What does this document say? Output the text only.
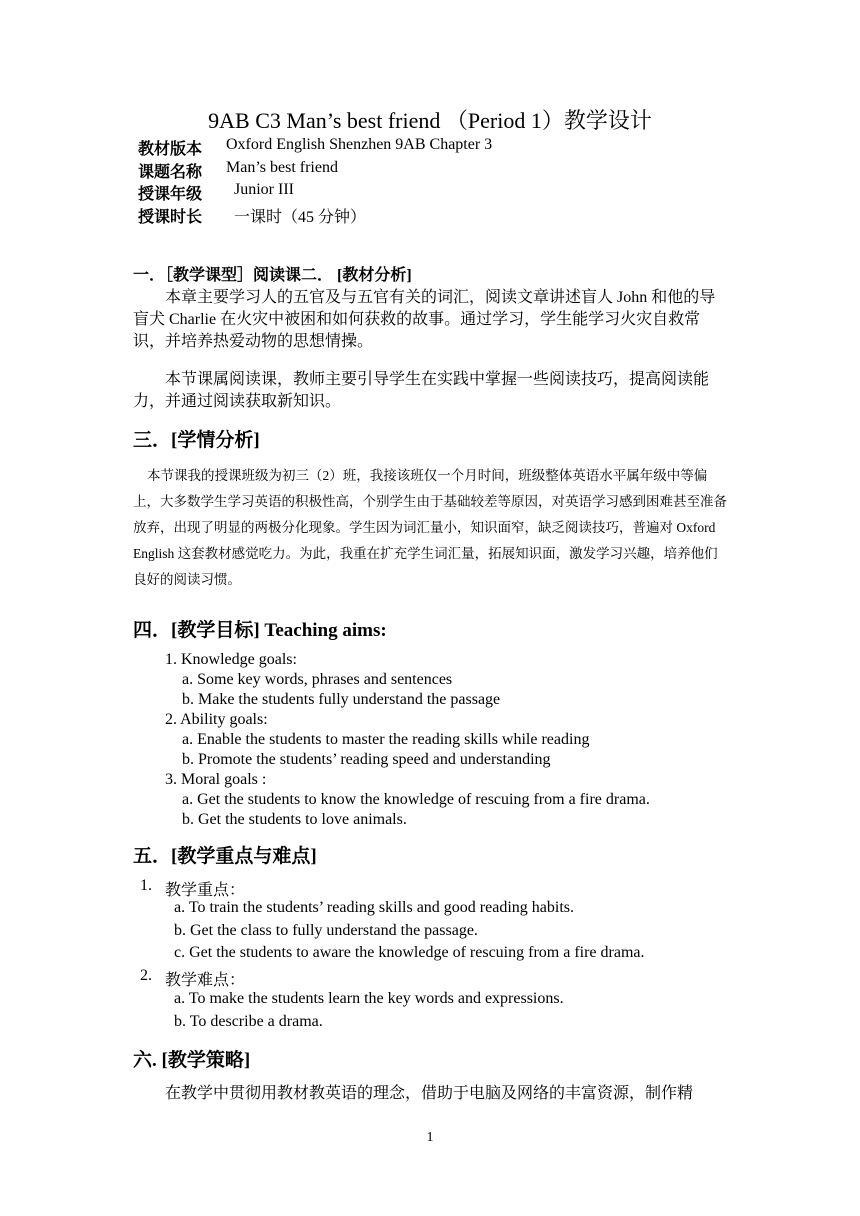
9AB C3 Man’s best friend （Period 1）教学设计
教材版本 Oxford English Shenzhen 9AB Chapter 3
课题名称 Man’s best friend
授课年级 Junior III
授课时长 一课时（45 分钟）
一．［教学课型］阅读课二． [教材分析]
本章主要学习人的五官及与五官有关的词汇，阅读文章讲述盲人 John 和他的导盲犬 Charlie 在火灾中被困和如何获救的故事。通过学习，学生能学习火灾自救常识，并培养热爱动物的思想情操。
本节课属阅读课，教师主要引导学生在实践中掌握一些阅读技巧，提高阅读能力，并通过阅读获取新知识。
三．[学情分析]
本节课我的授课班级为初三（2）班，我接该班仅一个月时间，班级整体英语水平属年级中等偏上，大多数学生学习英语的积极性高，个别学生由于基础较差等原因，对英语学习感到困难甚至准备放弃，出现了明显的两极分化现象。学生因为词汇量小，知识面窄，缺乏阅读技巧，普遍对 Oxford English 这套教材感觉吃力。为此，我重在扩充学生词汇量，拓展知识面，激发学习兴趣，培养他们良好的阅读习惯。
四．[教学目标] Teaching aims:
1. Knowledge goals:
a. Some key words, phrases and sentences
b. Make the students fully understand the passage
2. Ability goals:
a. Enable the students to master the reading skills while reading
b. Promote the students’ reading speed and understanding
3. Moral goals :
a. Get the students to know the knowledge of rescuing from a fire drama.
b. Get the students to love animals.
五．[教学重点与难点]
1. 教学重点：
a. To train the students’ reading skills and good reading habits.
b. Get the class to fully understand the passage.
c. Get the students to aware the knowledge of rescuing from a fire drama.
2. 教学难点：
a. To make the students learn the key words and expressions.
b. To describe a drama.
六. [教学策略]
在教学中贯彻用教材教英语的理念，借助于电脑及网络的丰富资源，制作精
1
